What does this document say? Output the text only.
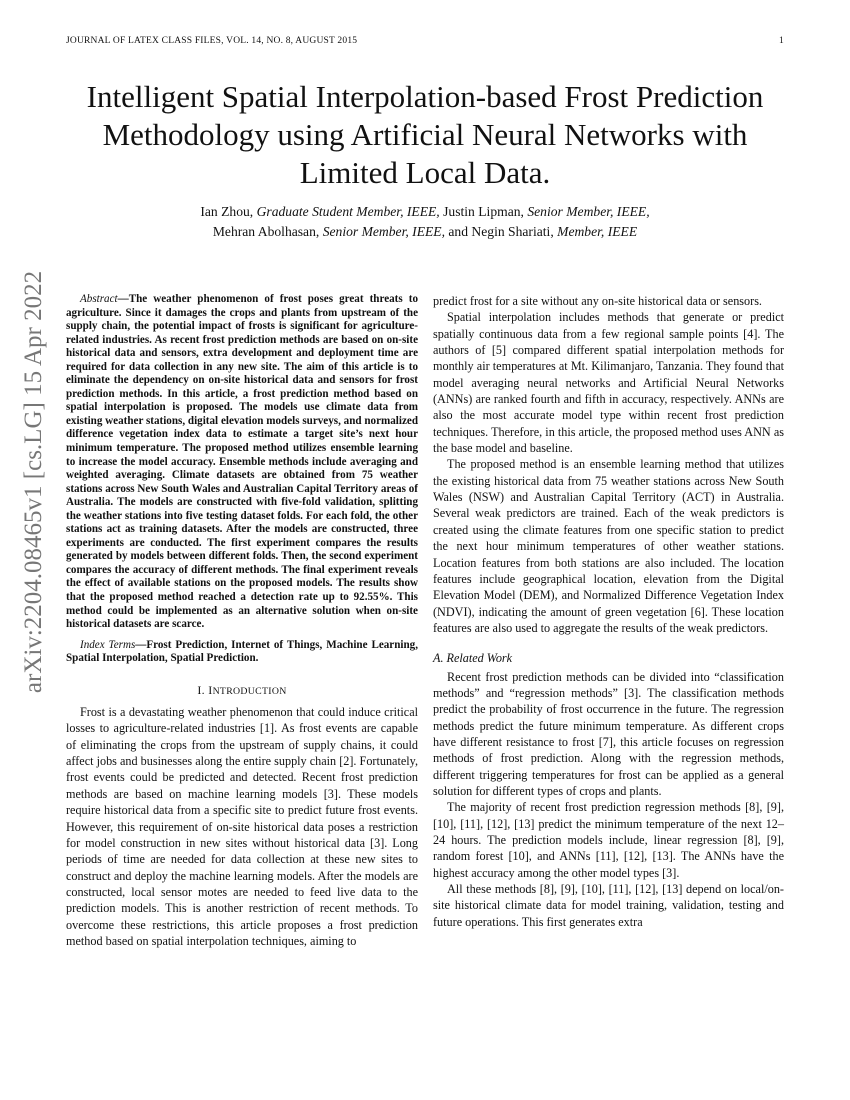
JOURNAL OF LATEX CLASS FILES, VOL. 14, NO. 8, AUGUST 2015	1
Intelligent Spatial Interpolation-based Frost Prediction Methodology using Artificial Neural Networks with Limited Local Data.
Ian Zhou, Graduate Student Member, IEEE, Justin Lipman, Senior Member, IEEE,
Mehran Abolhasan, Senior Member, IEEE, and Negin Shariati, Member, IEEE
arXiv:2204.08465v1 [cs.LG] 15 Apr 2022	Abstract—The weather phenomenon of frost poses great threats to agriculture. Since it damages the crops and plants from upstream of the supply chain, the potential impact of frosts is significant for agriculture-related industries. As recent frost prediction methods are based on on-site historical data and sensors, extra development and deployment time are required for data collection in any new site. The aim of this article is to eliminate the dependency on on-site historical data and sensors for frost prediction methods. In this article, a frost prediction method based on spatial interpolation is proposed. The models use climate data from existing weather stations, digital elevation models surveys, and normalized difference vegetation index data to estimate a target site’s next hour minimum temperature. The proposed method utilizes ensemble learning to increase the model accuracy. Ensemble methods include averaging and weighted averaging. Climate datasets are obtained from 75 weather stations across New South Wales and Australian Capital Territory areas of Australia. The models are constructed with five-fold validation, splitting the weather stations into five testing dataset folds. For each fold, the other stations act as training datasets. After the models are constructed, three experiments are conducted. The first experiment compares the results generated by models between different folds. Then, the second experiment compares the accuracy of different methods. The final experiment reveals the effect of available stations on the proposed models. The results show that the proposed method reached a detection rate up to 92.55%. This method could be implemented as an alternative solution when on-site historical datasets are scarce.

Index Terms—Frost Prediction, Internet of Things, Machine Learning, Spatial Interpolation, Spatial Prediction.

I. INTRODUCTION

Frost is a devastating weather phenomenon that could induce critical losses to agriculture-related industries [1]. As frost events are capable of eliminating the crops from the upstream of supply chains, it could affect jobs and businesses along the entire supply chain [2]. Fortunately, frost events could be predicted and detected. Recent frost prediction methods are based on machine learning models [3]. These models require historical data from a specific site to predict future frost events. However, this requirement of on-site historical data poses a restriction for model construction in new sites without historical data [3]. Long periods of time are needed for data collection at these new sites to construct and deploy the machine learning models. After the models are constructed, local sensor motes are needed to feed live data to the prediction models. This is another restriction of recent methods. To overcome these restrictions, this article proposes a frost prediction method based on spatial interpolation techniques, aiming to

predict frost for a site without any on-site historical data or sensors.

Spatial interpolation includes methods that generate or predict spatially continuous data from a few regional sample points [4]. The authors of [5] compared different spatial interpolation methods for monthly air temperatures at Mt. Kilimanjaro, Tanzania. They found that model averaging neural networks and Artificial Neural Networks (ANNs) are ranked fourth and fifth in accuracy, respectively. ANNs are also the most accurate model type within recent frost prediction techniques. Therefore, in this article, the proposed method uses ANN as the base model and baseline.

The proposed method is an ensemble learning method that utilizes the existing historical data from 75 weather stations across New South Wales (NSW) and Australian Capital Territory (ACT) in Australia. Several weak predictors are trained. Each of the weak predictors is created using the climate features from one specific station to predict the next hour minimum temperatures of other weather stations. Location features from both stations are also included. The location features include geographical location, elevation from the Digital Elevation Model (DEM), and Normalized Difference Vegetation Index (NDVI), indicating the amount of green vegetation [6]. These location features are also used to aggregate the results of the weak predictors.

A. Related Work

Recent frost prediction methods can be divided into “classification methods” and “regression methods” [3]. The classification methods predict the probability of frost occurrence in the future. The regression methods predict the future minimum temperature. As different crops have different resistance to frost [7], this article focuses on regression methods of frost prediction. Along with the regression methods, different triggering temperatures for frost can be applied as a general solution for different types of crops and plants.

The majority of recent frost prediction regression methods [8], [9], [10], [11], [12], [13] predict the minimum temperature of the next 12–24 hours. The prediction models include, linear regression [8], [9], random forest [10], and ANNs [11], [12], [13]. The ANNs have the highest accuracy among the other model types [3].

All these methods [8], [9], [10], [11], [12], [13] depend on local/on-site historical climate data for model training, validation, testing and future operations. This first generates extra
